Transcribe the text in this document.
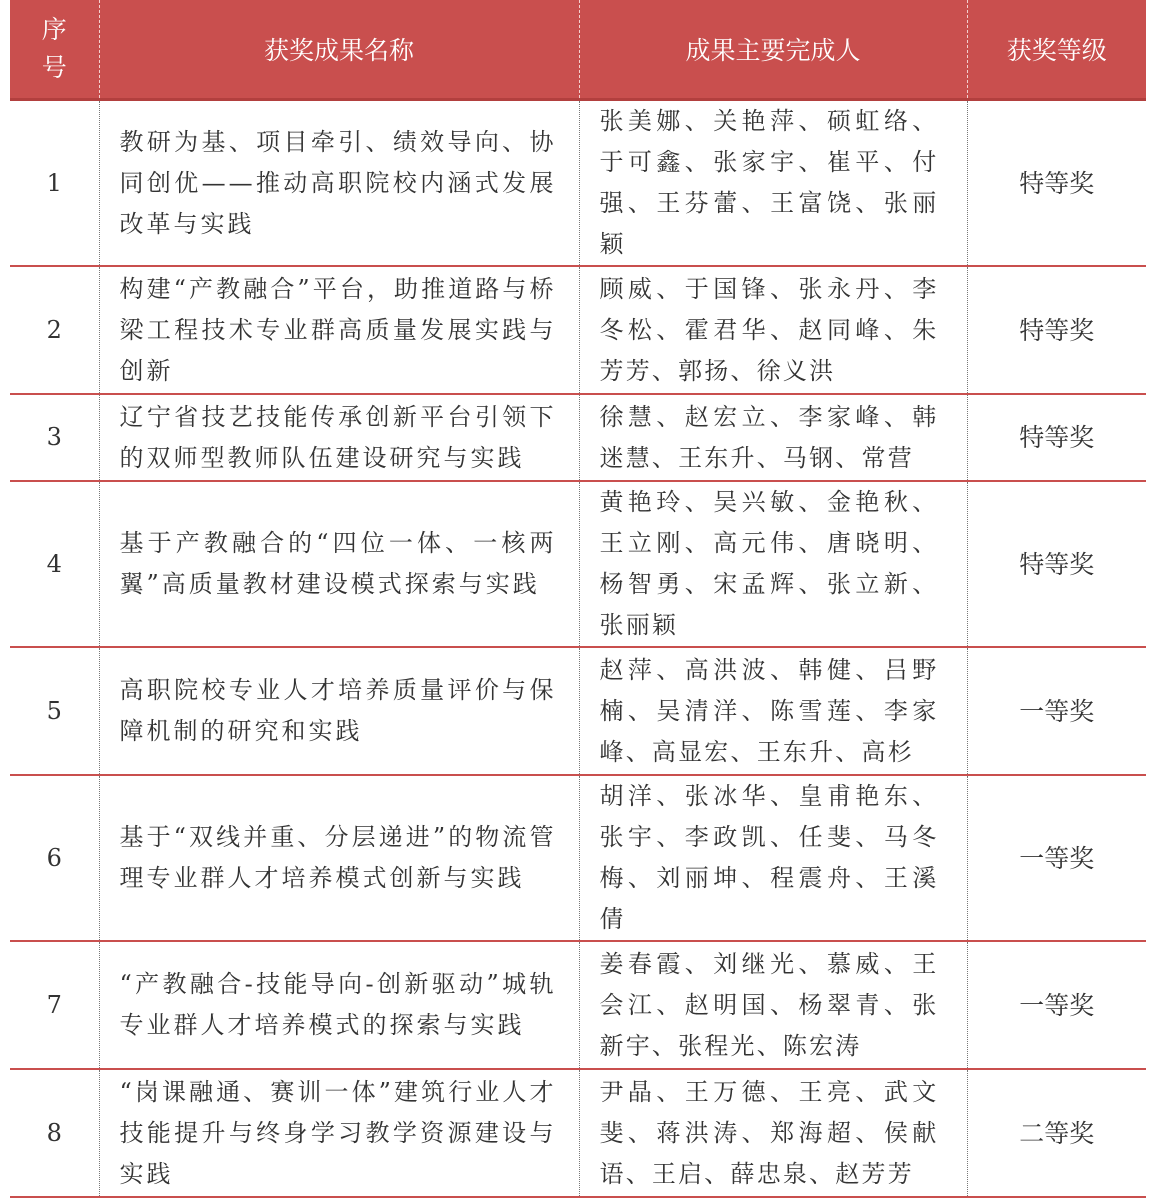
序号	获奖成果名称	成果主要完成人	获奖等级
1	教研为基、项目牵引、绩效导向、协同创优——推动高职院校内涵式发展改革与实践	张美娜、关艳萍、硕虹络、于可鑫、张家宇、崔平、付强、王芬蕾、王富饶、张丽颖	特等奖
2	构建“产教融合”平台，助推道路与桥梁工程技术专业群高质量发展实践与创新	顾威、于国锋、张永丹、李冬松、霍君华、赵同峰、朱芳芳、郭扬、徐义洪	特等奖
3	辽宁省技艺技能传承创新平台引领下的双师型教师队伍建设研究与实践	徐慧、赵宏立、李家峰、韩迷慧、王东升、马钢、常营	特等奖
4	基于产教融合的“四位一体、一核两翼”高质量教材建设模式探索与实践	黄艳玲、吴兴敏、金艳秋、王立刚、高元伟、唐晓明、杨智勇、宋孟辉、张立新、张丽颖	特等奖
5	高职院校专业人才培养质量评价与保障机制的研究和实践	赵萍、高洪波、韩健、吕野楠、吴清洋、陈雪莲、李家峰、高显宏、王东升、高杉	一等奖
6	基于“双线并重、分层递进”的物流管理专业群人才培养模式创新与实践	胡洋、张冰华、皇甫艳东、张宇、李政凯、任斐、马冬梅、刘丽坤、程震舟、王溪倩	一等奖
7	“产教融合-技能导向-创新驱动”城轨专业群人才培养模式的探索与实践	姜春霞、刘继光、慕威、王会江、赵明国、杨翠青、张新宇、张程光、陈宏涛	一等奖
8	“岗课融通、赛训一体”建筑行业人才技能提升与终身学习教学资源建设与实践	尹晶、王万德、王亮、武文斐、蒋洪涛、郑海超、侯献语、王启、薛忠泉、赵芳芳	二等奖
